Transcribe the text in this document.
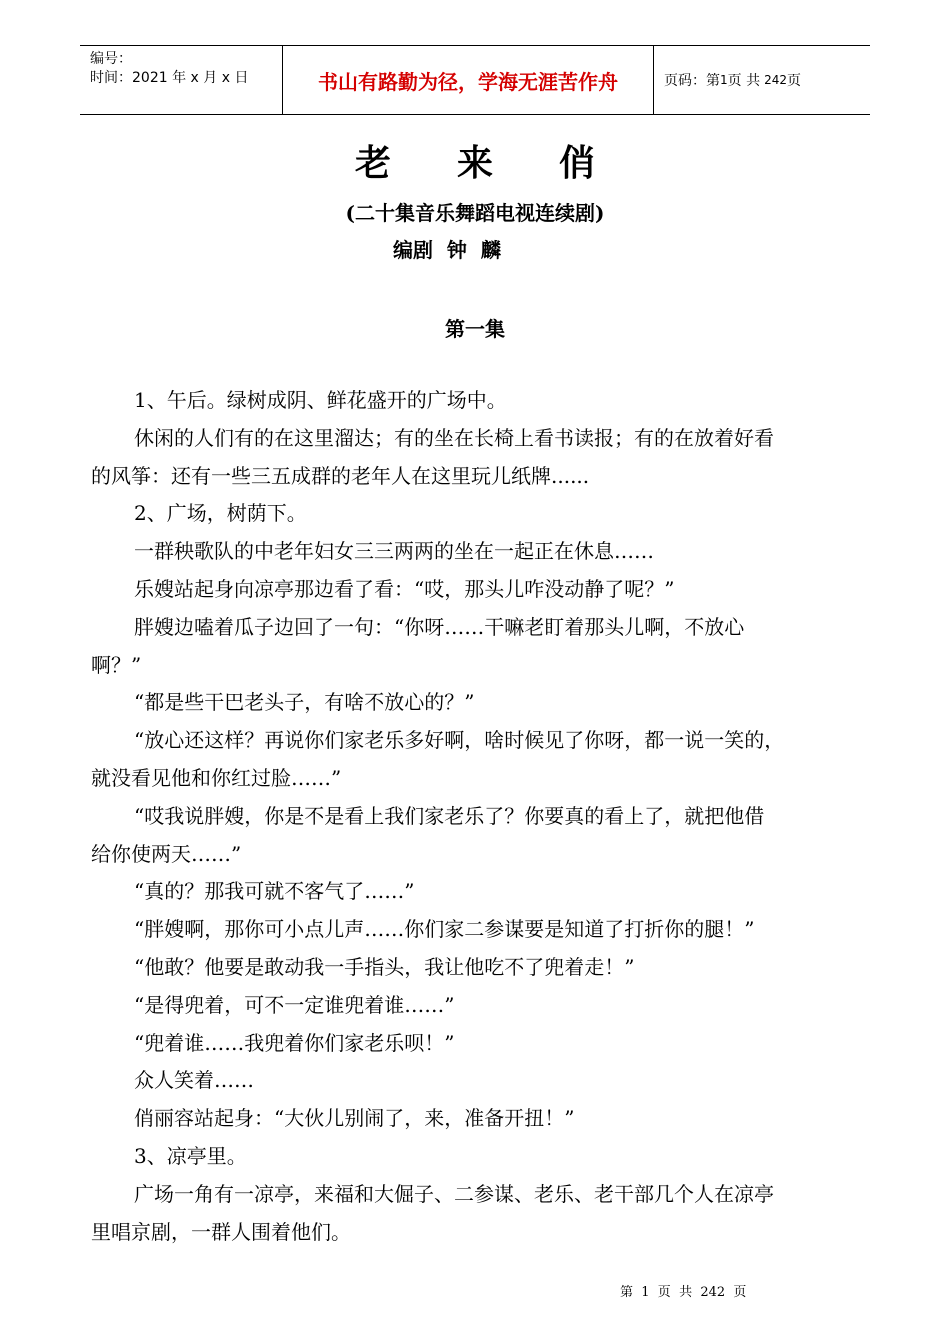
编号：
时间：2021 年 x 月 x 日	书山有路勤为径，学海无涯苦作舟	页码：第 1 页 共 242 页
老 来 俏
(二十集音乐舞蹈电视连续剧)
编剧  钟  麟
第一集
1、午后。绿树成阴、鲜花盛开的广场中。
休闲的人们有的在这里溜达；有的坐在长椅上看书读报；有的在放着好看
的风筝：还有一些三五成群的老年人在这里玩儿纸牌......
2、广场，树荫下。
一群秧歌队的中老年妇女三三两两的坐在一起正在休息……
乐嫂站起身向凉亭那边看了看：“哎，那头儿咋没动静了呢？”
胖嫂边嗑着瓜子边回了一句：“你呀……干嘛老盯着那头儿啊，不放心
啊？”
“都是些干巴老头子，有啥不放心的？”
“放心还这样？再说你们家老乐多好啊，啥时候见了你呀，都一说一笑的，
就没看见他和你红过脸……”
“哎我说胖嫂，你是不是看上我们家老乐了？你要真的看上了，就把他借
给你使两天……”
“真的？那我可就不客气了……”
“胖嫂啊，那你可小点儿声……你们家二参谋要是知道了打折你的腿！”
“他敢？他要是敢动我一手指头，我让他吃不了兜着走！”
“是得兜着，可不一定谁兜着谁……”
“兜着谁……我兜着你们家老乐呗！”
众人笑着……
俏丽容站起身：“大伙儿别闹了，来，准备开扭！”
3、凉亭里。
广场一角有一凉亭，来福和大倔子、二参谋、老乐、老干部几个人在凉亭
里唱京剧，一群人围着他们。
第  1  页  共  242  页
